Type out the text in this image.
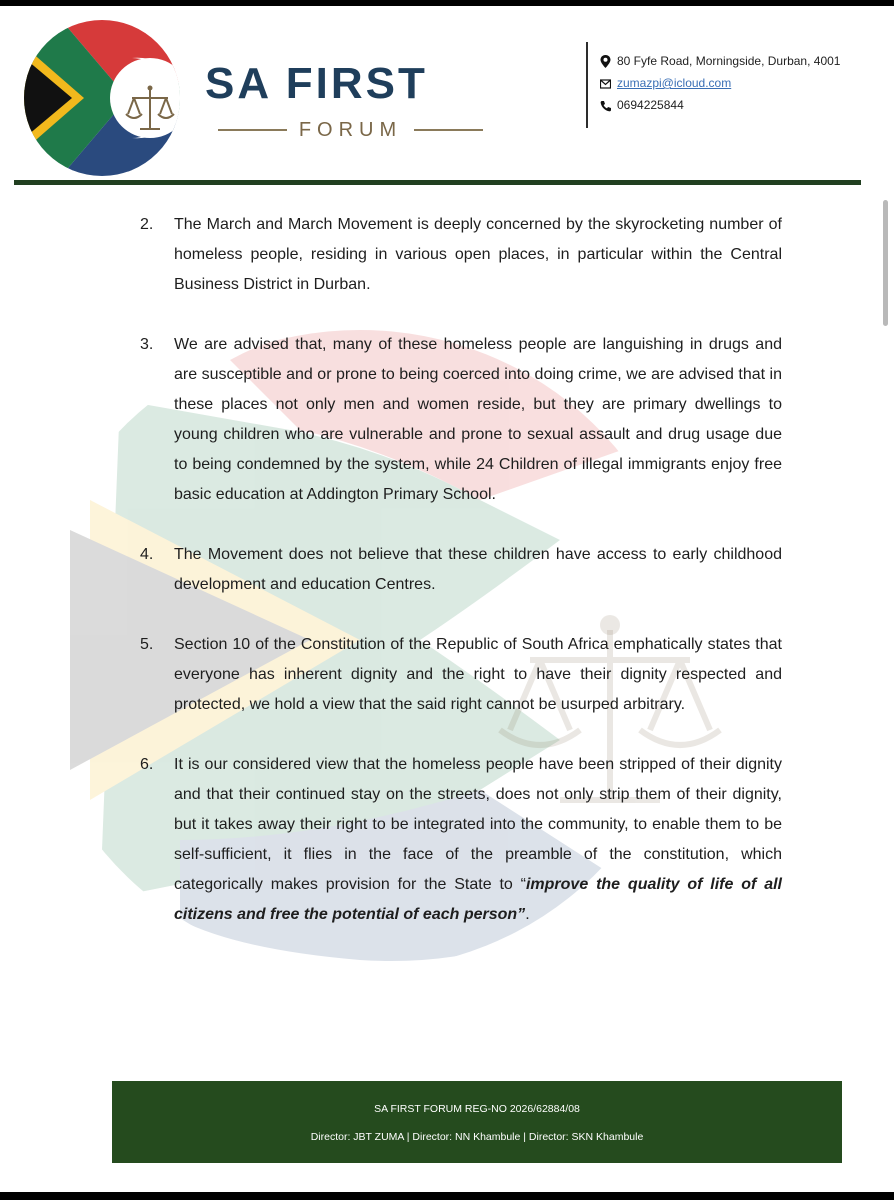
SA FIRST
FORUM
80 Fyfe Road, Morningside, Durban, 4001
zumazpi@icloud.com
0694225844
2. The March and March Movement is deeply concerned by the skyrocketing number of homeless people, residing in various open places, in particular within the Central Business District in Durban.
3. We are advised that, many of these homeless people are languishing in drugs and are susceptible and or prone to being coerced into doing crime, we are advised that in these places not only men and women reside, but they are primary dwellings to young children who are vulnerable and prone to sexual assault and drug usage due to being condemned by the system, while 24 Children of illegal immigrants enjoy free basic education at Addington Primary School.
4. The Movement does not believe that these children have access to early childhood development and education Centres.
5. Section 10 of the Constitution of the Republic of South Africa emphatically states that everyone has inherent dignity and the right to have their dignity respected and protected, we hold a view that the said right cannot be usurped arbitrary.
6. It is our considered view that the homeless people have been stripped of their dignity and that their continued stay on the streets, does not only strip them of their dignity, but it takes away their right to be integrated into the community, to enable them to be self-sufficient, it flies in the face of the preamble of the constitution, which categorically makes provision for the State to “improve the quality of life of all citizens and free the potential of each person”.
SA FIRST FORUM REG-NO 2026/62884/08
Director: JBT ZUMA | Director: NN Khambule | Director: SKN Khambule
